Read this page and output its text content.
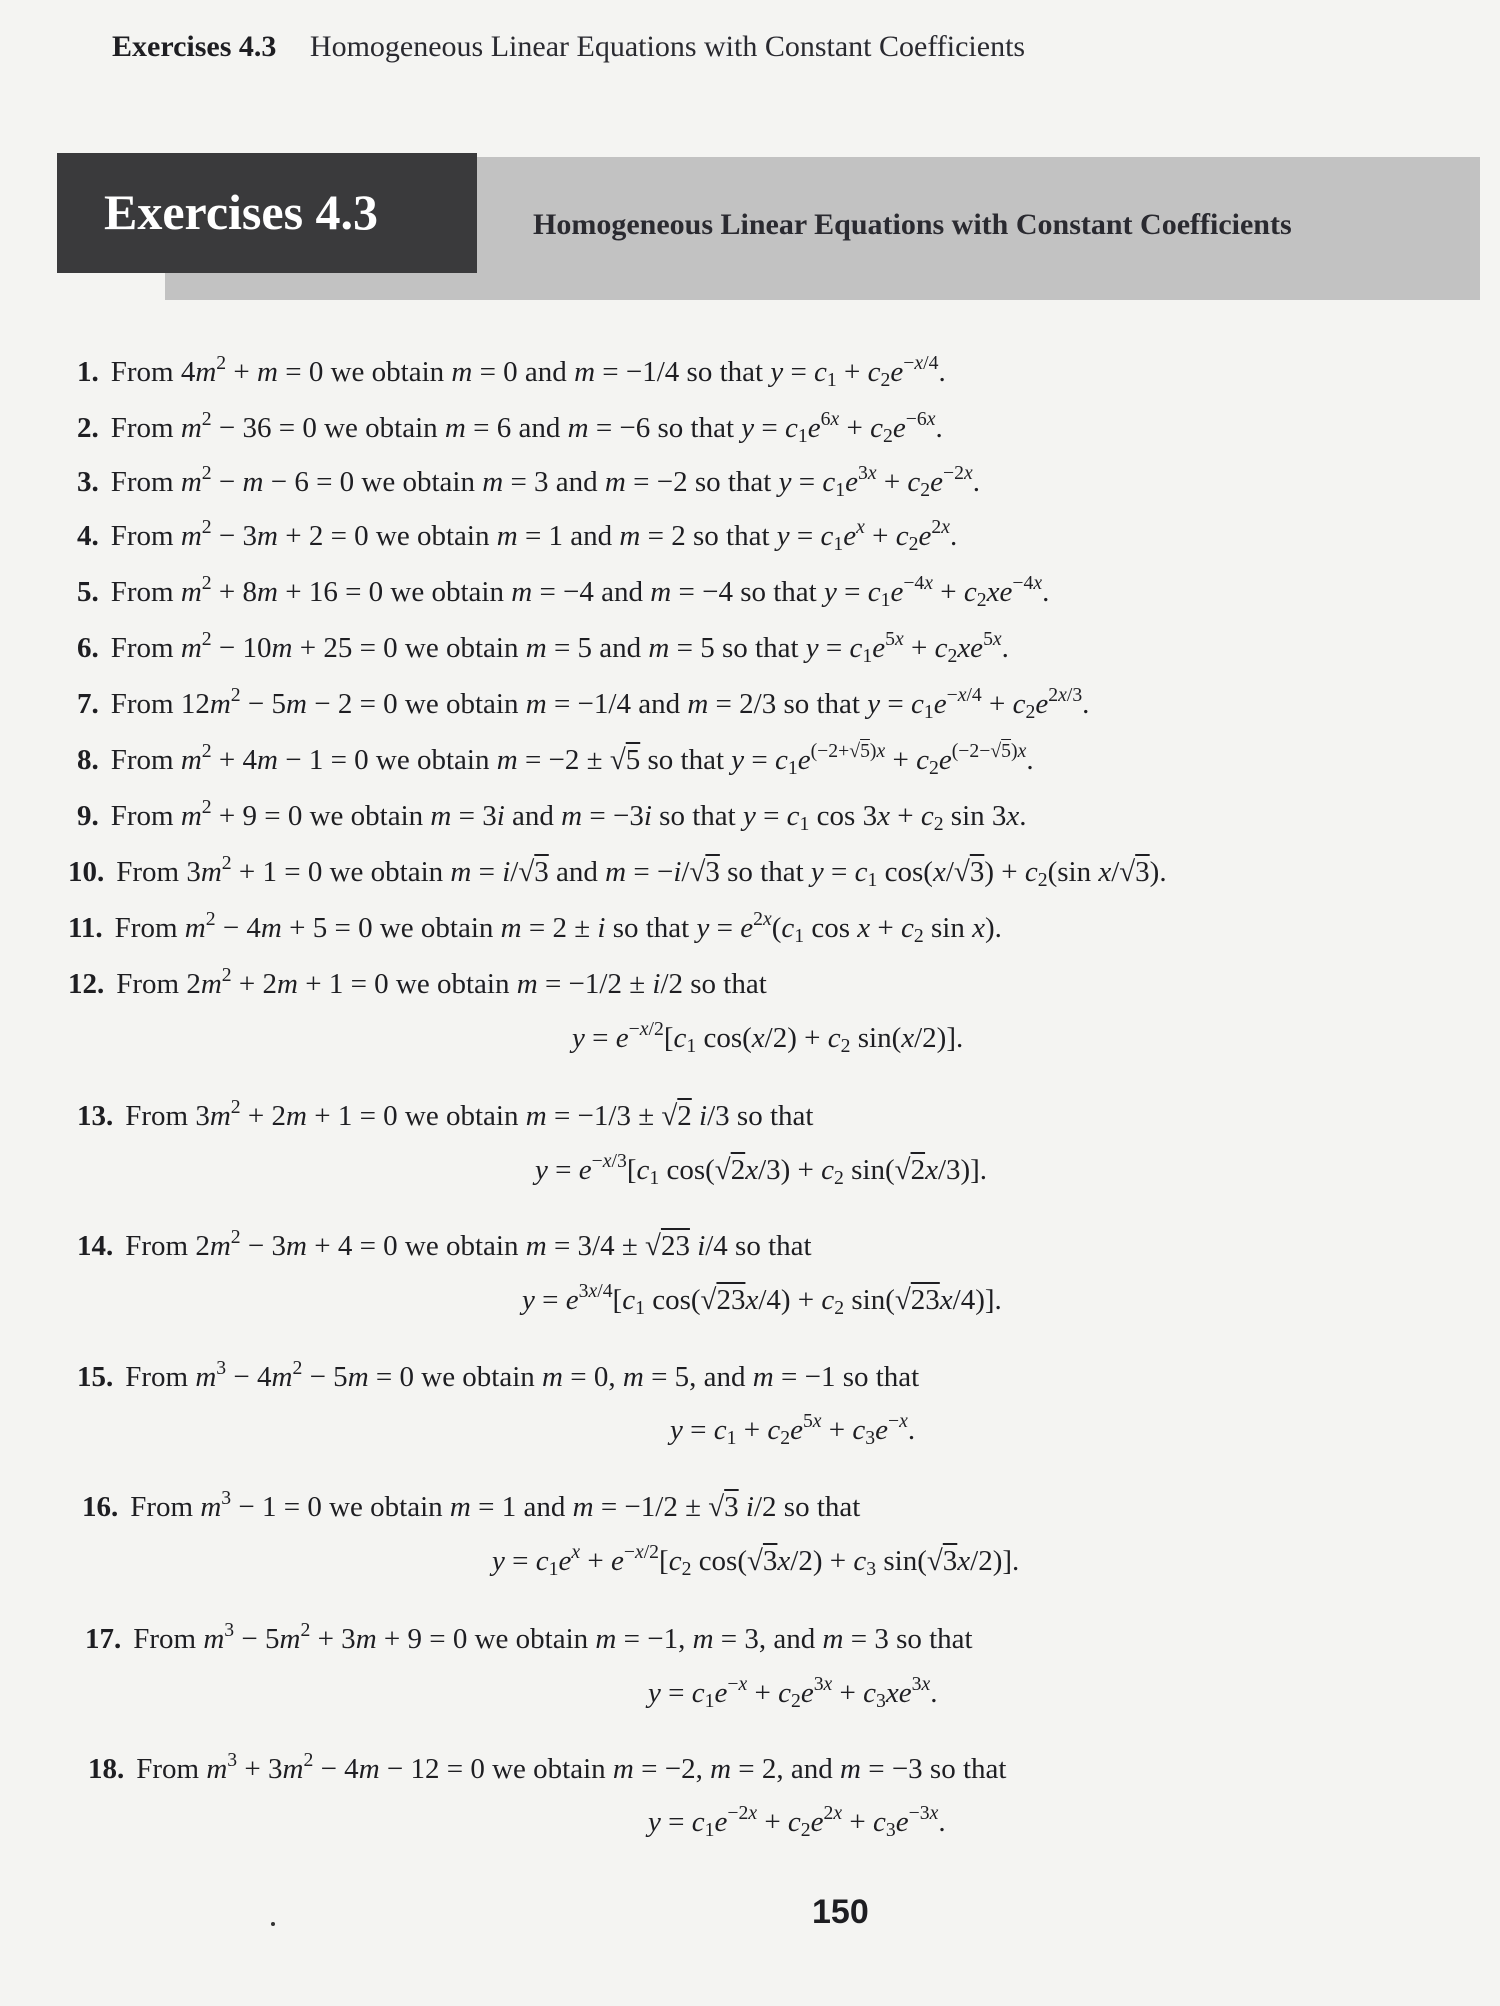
Exercises 4.3 Homogeneous Linear Equations with Constant Coefficients
Exercises 4.3	Homogeneous Linear Equations with Constant Coefficients
1. From $4m^2 + m = 0$ we obtain m = 0 and m = −1/4 so that $y = c_1 + c_2e^{-x/4}$.
2. From $m^2 - 36 = 0$ we obtain m = 6 and m = −6 so that $y = c_1e^{6x} + c_2e^{-6x}$.
3. From $m^2 - m - 6 = 0$ we obtain m = 3 and m = −2 so that $y = c_1e^{3x} + c_2e^{-2x}$.
4. From $m^2 - 3m + 2 = 0$ we obtain m = 1 and m = 2 so that $y = c_1e^x + c_2e^{2x}$.
5. From $m^2 + 8m + 16 = 0$ we obtain m = −4 and m = −4 so that $y = c_1e^{-4x} + c_2xe^{-4x}$.
6. From $m^2 - 10m + 25 = 0$ we obtain m = 5 and m = 5 so that $y = c_1e^{5x} + c_2xe^{5x}$.
7. From $12m^2 - 5m - 2 = 0$ we obtain m = −1/4 and m = 2/3 so that $y = c_1e^{-x/4} + c_2e^{2x/3}$.
8. From $m^2 + 4m - 1 = 0$ we obtain m = −2 ± √5 so that $y = c_1e^{(-2+√5)x} + c_2e^{(-2-√5)x}$.
9. From $m^2 + 9 = 0$ we obtain m = 3i and m = −3i so that $y = c_1$ $\cos 3x + c_2$ sin 3x.
10. From $3m^2 + 1 = 0$ we obtain m = i/√3 and m = −i/√3 so that $y = c_1$ $\cos(x/√3) + c_2(\sin$ x/√3).
11. From $m^2 - 4m + 5 = 0$ we obtain m = 2 ± i so that $y = e^{2x}(c_1$ $\cos x + c_2$ sin x).
12. From $2m^2 + 2m + 1 = 0$ we obtain m = −1/2 ± i/2 so that
$y = e^{-x/2}[c_1$ $\cos(x/2) + c_2$ sin(x/2)].
13. From $3m^2 + 2m + 1 = 0$ we obtain m = −1/3 ± √2 i/3 so that
$y = e^{-x/3}[c_1$ $\cos(√2x/3) + c_2$ sin(√2x/3)].
14. From $2m^2 - 3m + 4 = 0$ we obtain m = 3/4 ± √23 i/4 so that
$y = e^{3x/4}[c_1$ $\cos(√23x/4) + c_2$ sin(√23x/4)].
15. From $m^3 - 4m^2 - 5m = 0$ we obtain m = 0, m = 5, and m = −1 so that
$y = c_1 + c_2e^{5x} + c_3e^{-x}$.
16. From $m^3 - 1 = 0$ we obtain m = 1 and m = −1/2 ± √3 i/2 so that
$y = c_1e^x + e^{-x/2}[c_2$ $\cos(√3x/2) + c_3$ sin(√3x/2)].
17. From $m^3 - 5m^2 + 3m + 9 = 0$ we obtain m = −1, m = 3, and m = 3 so that
$y = c_1e^{-x} + c_2e^{3x} + c_3xe^{3x}$.
18. From $m^3 + 3m^2 - 4m - 12 = 0$ we obtain m = −2, m = 2, and m = −3 so that
$y = c_1e^{-2x} + c_2e^{2x} + c_3e^{-3x}$.
150
